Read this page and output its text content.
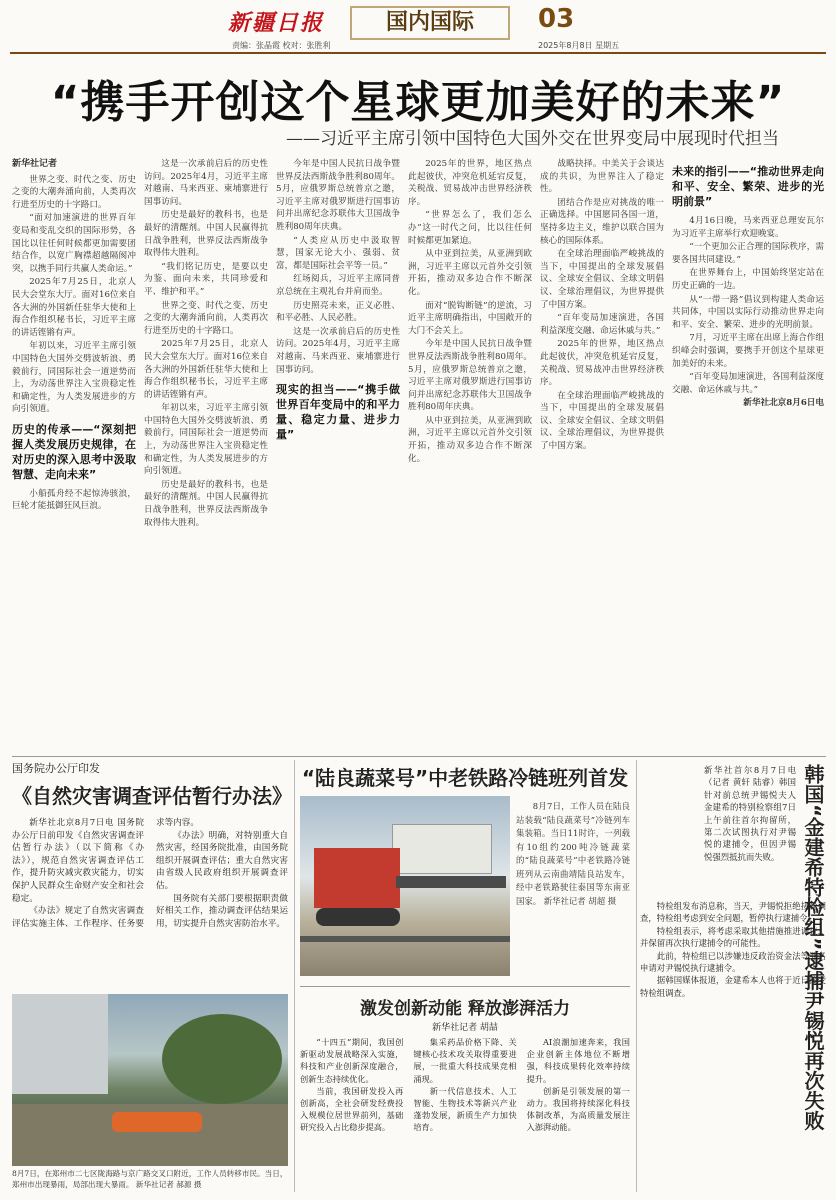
新疆日报	国内国际	03
责编：张晶霞 校对：张胜利	2025年8月8日 星期五
“携手开创这个星球更加美好的未来”
——习近平主席引领中国特色大国外交在世界变局中展现时代担当
新华社记者

世界之变、时代之变、历史之变的大潮奔涌向前，人类再次行进至历史的十字路口。

“面对加速演进的世界百年变局和变乱交织的国际形势，各国比以往任何时候都更加需要团结合作，以宽广胸襟超越隔阂冲突，以携手同行共赢人类命运。”

2025年7月25日，北京人民大会堂东大厅。面对16位来自各大洲的外国新任驻华大使和上海合作组织秘书长，习近平主席的讲话铿锵有声。

年初以来，习近平主席引领中国特色大国外交劈波斩浪、勇毅前行，同国际社会一道逆势而上，为动荡世界注入宝贵稳定性和确定性，为人类发展进步的方向引领道。

历史的传承——“深刻把握人类发展历史规律，在对历史的深入思考中汲取智慧、走向未来”

小船孤舟经不起惊涛骇浪，巨轮才能抵御狂风巨浪。

这是一次承前启后的历史性访问。2025年4月，习近平主席对越南、马来西亚、柬埔寨进行国事访问。

历史是最好的教科书，也是最好的清醒剂。中国人民赢得抗日战争胜利，世界反法西斯战争取得伟大胜利。

“我们铭记历史，是要以史为鉴、面向未来，共同珍爱和平、维护和平。”

世界之变、时代之变、历史之变的大潮奔涌向前，人类再次行进至历史的十字路口。

2025年7月25日，北京人民大会堂东大厅。面对16位来自各大洲的外国新任驻华大使和上海合作组织秘书长，习近平主席的讲话铿锵有声。

年初以来，习近平主席引领中国特色大国外交劈波斩浪、勇毅前行，同国际社会一道逆势而上，为动荡世界注入宝贵稳定性和确定性，为人类发展进步的方向引领道。

历史是最好的教科书，也是最好的清醒剂。中国人民赢得抗日战争胜利，世界反法西斯战争取得伟大胜利。

今年是中国人民抗日战争暨世界反法西斯战争胜利80周年。5月，应俄罗斯总统普京之邀，习近平主席对俄罗斯进行国事访问并出席纪念苏联伟大卫国战争胜利80周年庆典。

“人类应从历史中汲取智慧，国家无论大小、强弱、贫富，都是国际社会平等一员。”

红场阅兵，习近平主席同普京总统在主观礼台并肩而坐。

历史照亮未来，正义必胜、和平必胜、人民必胜。

这是一次承前启后的历史性访问。2025年4月，习近平主席对越南、马来西亚、柬埔寨进行国事访问。

现实的担当——“携手做世界百年变局中的和平力量、稳定力量、进步力量”

2025年的世界，地区热点此起彼伏，冲突危机延宕反复，关税战、贸易战冲击世界经济秩序。

“世界怎么了，我们怎么办”这一时代之问，比以往任何时候都更加紧迫。

从中亚到拉美，从亚洲到欧洲，习近平主席以元首外交引领开拓，推动双多边合作不断深化。

面对“脱钩断链”的逆流，习近平主席明确指出，中国敞开的大门不会关上。

今年是中国人民抗日战争暨世界反法西斯战争胜利80周年。5月，应俄罗斯总统普京之邀，习近平主席对俄罗斯进行国事访问并出席纪念苏联伟大卫国战争胜利80周年庆典。

从中亚到拉美，从亚洲到欧洲，习近平主席以元首外交引领开拓，推动双多边合作不断深化。

战略抉择。中美关于会谈达成的共识，为世界注入了稳定性。

团结合作是应对挑战的唯一正确选择。中国愿同各国一道，坚持多边主义，维护以联合国为核心的国际体系。

在全球治理面临严峻挑战的当下，中国提出的全球发展倡议、全球安全倡议、全球文明倡议、全球治理倡议，为世界提供了中国方案。

“百年变局加速演进，各国利益深度交融、命运休戚与共。”

2025年的世界，地区热点此起彼伏，冲突危机延宕反复，关税战、贸易战冲击世界经济秩序。

在全球治理面临严峻挑战的当下，中国提出的全球发展倡议、全球安全倡议、全球文明倡议、全球治理倡议，为世界提供了中国方案。

未来的指引——“推动世界走向和平、安全、繁荣、进步的光明前景”

4月16日晚，马来西亚总理安瓦尔为习近平主席举行欢迎晚宴。

“一个更加公正合理的国际秩序，需要各国共同建设。”

在世界舞台上，中国始终坚定站在历史正确的一边。

从“一带一路”倡议到构建人类命运共同体，中国以实际行动推动世界走向和平、安全、繁荣、进步的光明前景。

7月，习近平主席在出席上海合作组织峰会时强调，要携手开创这个星球更加美好的未来。

“百年变局加速演进，各国利益深度交融、命运休戚与共。”

新华社北京8月6日电
国务院办公厅印发
《自然灾害调查评估暂行办法》

新华社北京8月7日电 国务院办公厅日前印发《自然灾害调查评估暂行办法》（以下简称《办法》），规范自然灾害调查评估工作，提升防灾减灾救灾能力，切实保护人民群众生命财产安全和社会稳定。

《办法》规定了自然灾害调查评估实施主体、工作程序、任务要求等内容。

《办法》明确，对特别重大自然灾害，经国务院批准，由国务院组织开展调查评估；重大自然灾害由省级人民政府组织开展调查评估。

国务院有关部门要根据职责做好相关工作，推动调查评估结果运用，切实提升自然灾害防治水平。

8月7日，在郑州市二七区陇海路与京广路交叉口附近，工作人员转移市民。当日，郑州市出现暴雨，局部出现大暴雨。 新华社记者 郝源 摄
“陆良蔬菜号”中老铁路冷链班列首发

8月7日，工作人员在陆良站装载“陆良蔬菜号”冷链列车集装箱。当日11时许，一列载有10组约200吨冷链蔬菜的“陆良蔬菜号”中老铁路冷链班列从云南曲靖陆良站发车，经中老铁路驶往泰国等东南亚国家。 新华社记者 胡超 摄

激发创新动能 释放澎湃活力
新华社记者 胡喆

“十四五”期间，我国创新驱动发展战略深入实施，科技和产业创新深度融合，创新生态持续优化。

当前，我国研发投入再创新高，全社会研发经费投入规模位居世界前列，基础研究投入占比稳步提高。

集采药品价格下降、关键核心技术攻关取得重要进展，一批重大科技成果竞相涌现。

新一代信息技术、人工智能、生物技术等新兴产业蓬勃发展，新质生产力加快培育。

AI浪潮加速奔来，我国企业创新主体地位不断增强，科技成果转化效率持续提升。

创新是引领发展的第一动力。我国将持续深化科技体制改革，为高质量发展注入澎湃动能。	韩国“金建希特检组”逮捕尹锡悦再次失败
新华社首尔8月7日电（记者 黄轩 陆睿）韩国针对前总统尹锡悦夫人金建希的特别检察组7日上午前往首尔拘留所，第二次试图执行对尹锡悦的逮捕令，但因尹锡悦强烈抵抗而失败。

特检组发布消息称，当天，尹锡悦拒绝接受调查，特检组考虑到安全问题，暂停执行逮捕令。

特检组表示，将考虑采取其他措施推进调查，并保留再次执行逮捕令的可能性。

此前，特检组已以涉嫌违反政治资金法等罪名申请对尹锡悦执行逮捕令。

据韩国媒体报道，金建希本人也将于近日接受特检组调查。
